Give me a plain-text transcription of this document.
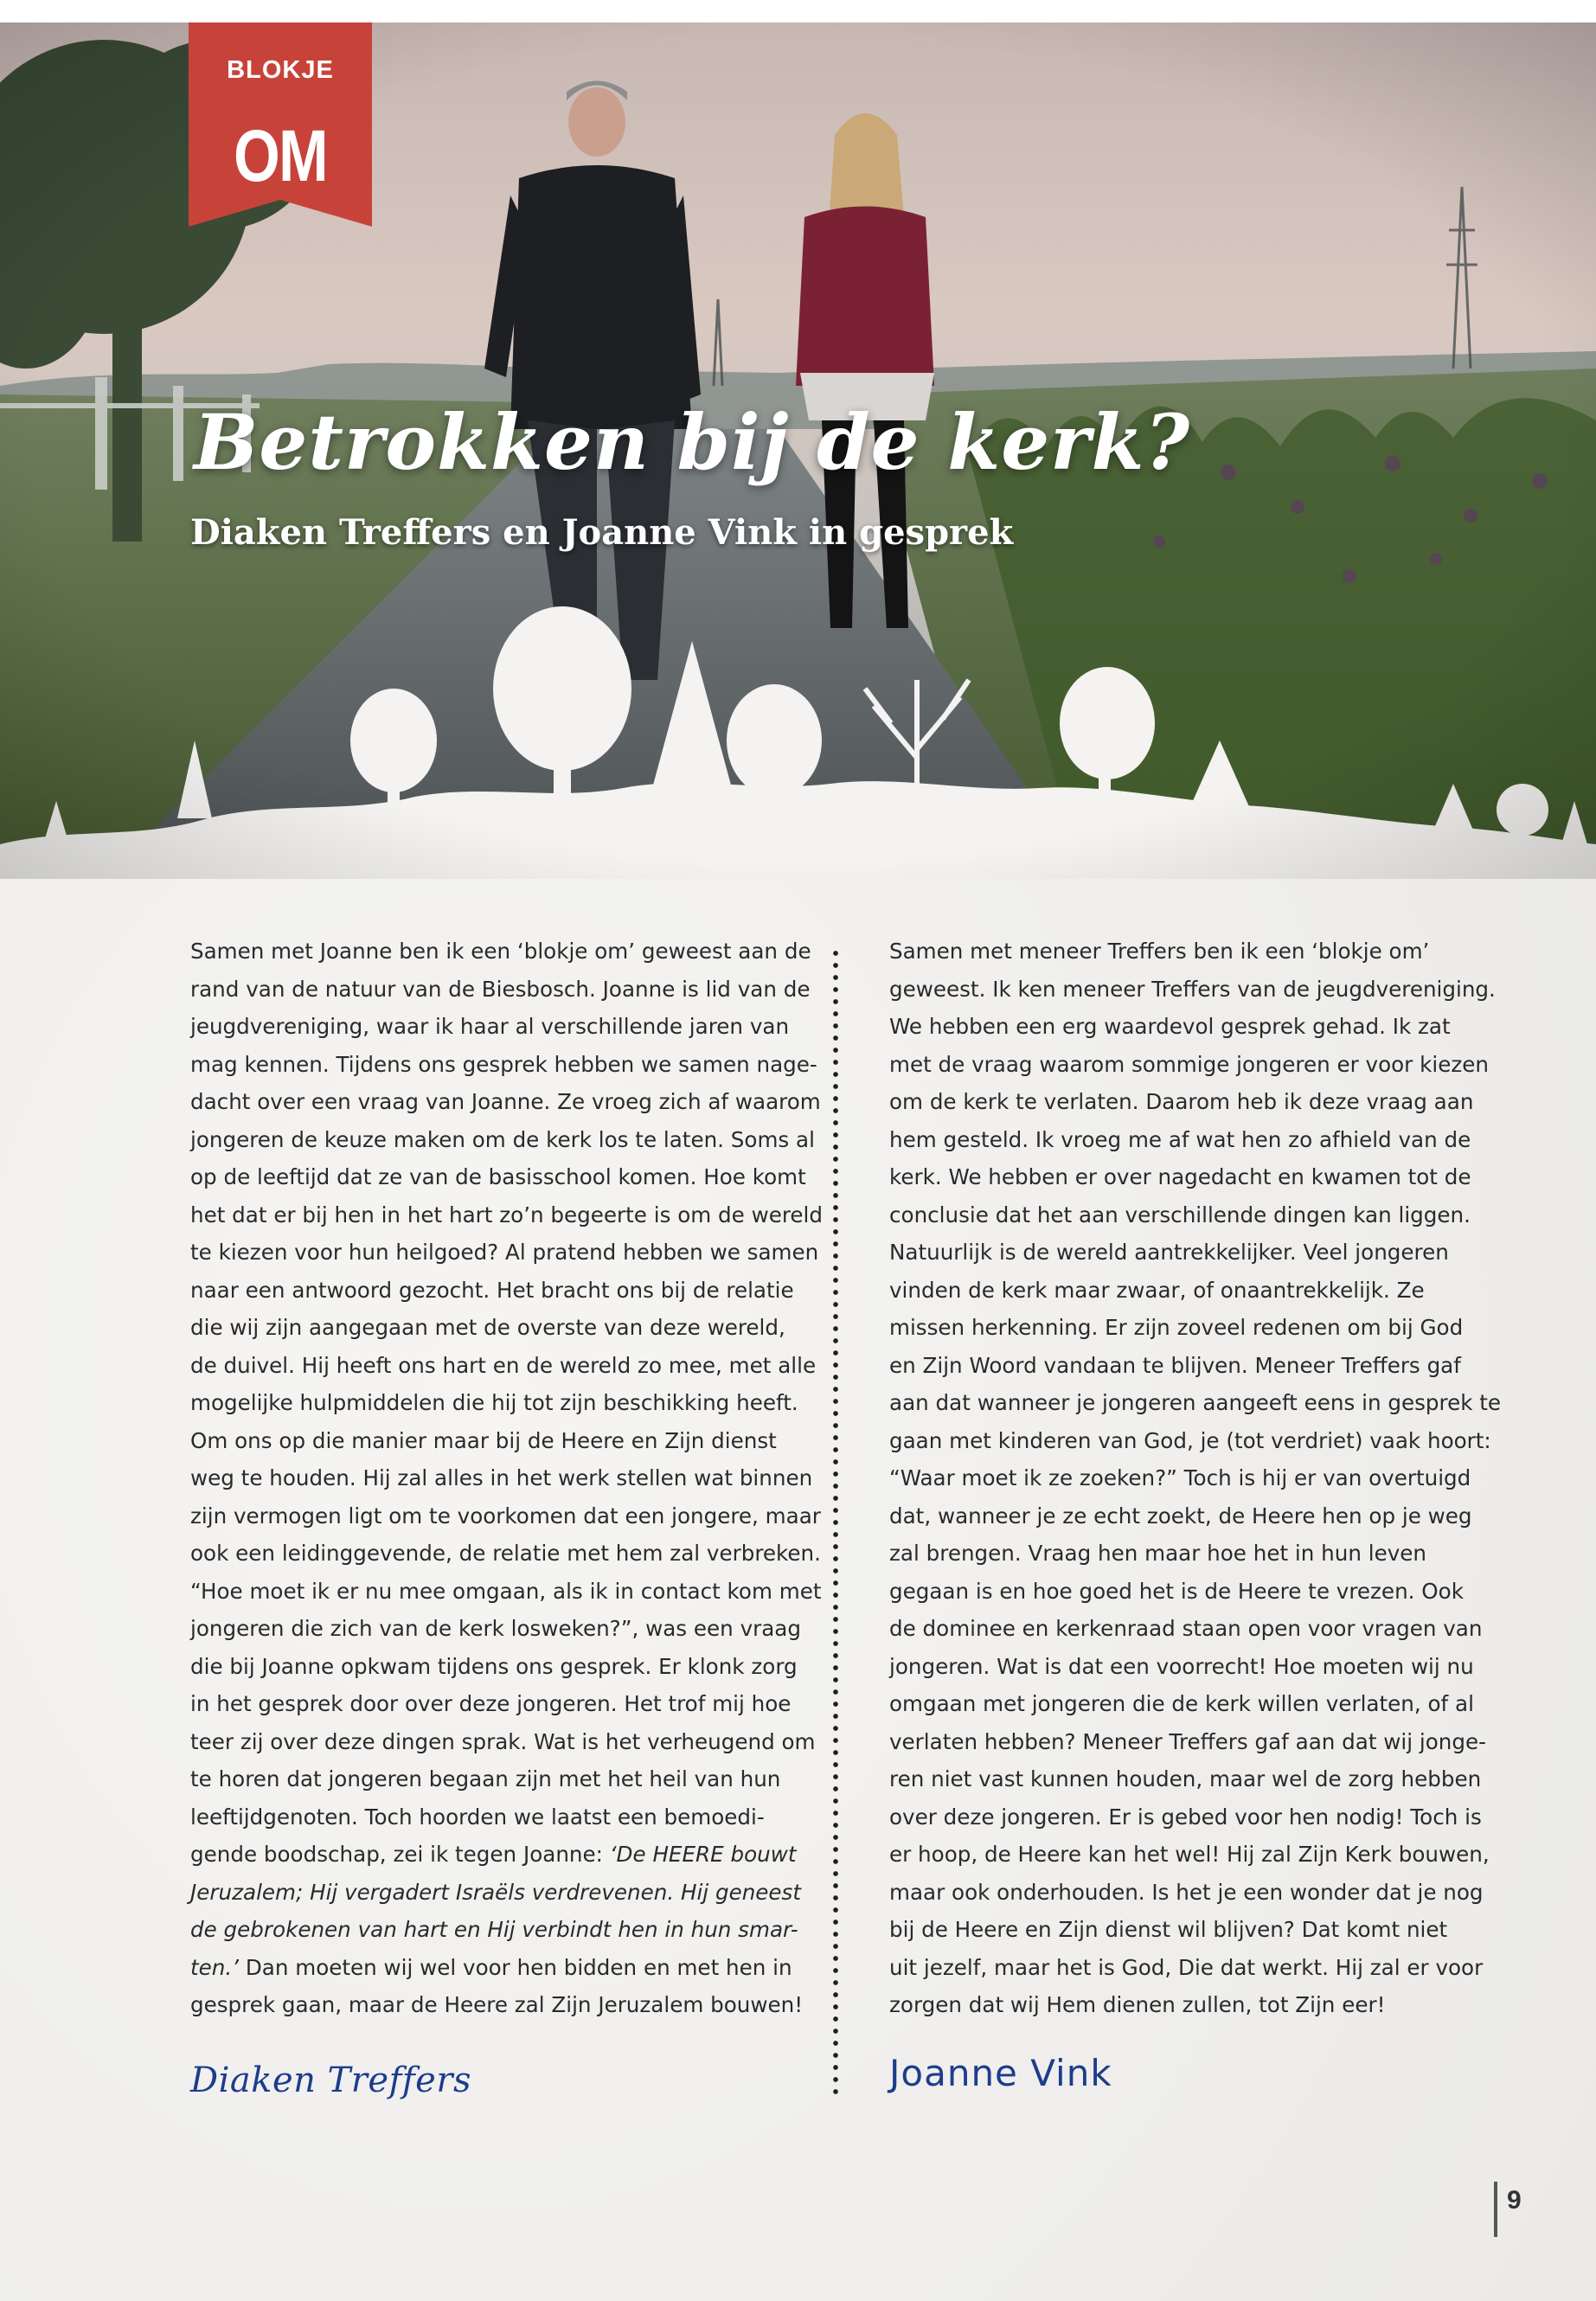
BLOKJE
OM
Betrokken bij de kerk?
Diaken Treffers en Joanne Vink in gesprek
Samen met Joanne ben ik een ‘blokje om’ geweest aan de
rand van de natuur van de Biesbosch. Joanne is lid van de
jeugdvereniging, waar ik haar al verschillende jaren van
mag kennen. Tijdens ons gesprek hebben we samen nage-
dacht over een vraag van Joanne. Ze vroeg zich af waarom
jongeren de keuze maken om de kerk los te laten. Soms al
op de leeftijd dat ze van de basisschool komen. Hoe komt
het dat er bij hen in het hart zo’n begeerte is om de wereld
te kiezen voor hun heilgoed? Al pratend hebben we samen
naar een antwoord gezocht. Het bracht ons bij de relatie
die wij zijn aangegaan met de overste van deze wereld,
de duivel. Hij heeft ons hart en de wereld zo mee, met alle
mogelijke hulpmiddelen die hij tot zijn beschikking heeft.
Om ons op die manier maar bij de Heere en Zijn dienst
weg te houden. Hij zal alles in het werk stellen wat binnen
zijn vermogen ligt om te voorkomen dat een jongere, maar
ook een leidinggevende, de relatie met hem zal verbreken.
“Hoe moet ik er nu mee omgaan, als ik in contact kom met
jongeren die zich van de kerk losweken?”, was een vraag
die bij Joanne opkwam tijdens ons gesprek. Er klonk zorg
in het gesprek door over deze jongeren. Het trof mij hoe
teer zij over deze dingen sprak. Wat is het verheugend om
te horen dat jongeren begaan zijn met het heil van hun
leeftijdgenoten. Toch hoorden we laatst een bemoedi-
gende boodschap, zei ik tegen Joanne: ‘De HEERE bouwt
Jeruzalem; Hij vergadert Israëls verdrevenen. Hij geneest
de gebrokenen van hart en Hij verbindt hen in hun smar-
ten.’ Dan moeten wij wel voor hen bidden en met hen in
gesprek gaan, maar de Heere zal Zijn Jeruzalem bouwen!
Samen met meneer Treffers ben ik een ‘blokje om’
geweest. Ik ken meneer Treffers van de jeugdvereniging.
We hebben een erg waardevol gesprek gehad. Ik zat
met de vraag waarom sommige jongeren er voor kiezen
om de kerk te verlaten. Daarom heb ik deze vraag aan
hem gesteld. Ik vroeg me af wat hen zo afhield van de
kerk. We hebben er over nagedacht en kwamen tot de
conclusie dat het aan verschillende dingen kan liggen.
Natuurlijk is de wereld aantrekkelijker. Veel jongeren
vinden de kerk maar zwaar, of onaantrekkelijk. Ze
missen herkenning. Er zijn zoveel redenen om bij God
en Zijn Woord vandaan te blijven. Meneer Treffers gaf
aan dat wanneer je jongeren aangeeft eens in gesprek te
gaan met kinderen van God, je (tot verdriet) vaak hoort:
“Waar moet ik ze zoeken?” Toch is hij er van overtuigd
dat, wanneer je ze echt zoekt, de Heere hen op je weg
zal brengen. Vraag hen maar hoe het in hun leven
gegaan is en hoe goed het is de Heere te vrezen. Ook
de dominee en kerkenraad staan open voor vragen van
jongeren. Wat is dat een voorrecht! Hoe moeten wij nu
omgaan met jongeren die de kerk willen verlaten, of al
verlaten hebben? Meneer Treffers gaf aan dat wij jonge-
ren niet vast kunnen houden, maar wel de zorg hebben
over deze jongeren. Er is gebed voor hen nodig! Toch is
er hoop, de Heere kan het wel! Hij zal Zijn Kerk bouwen,
maar ook onderhouden. Is het je een wonder dat je nog
bij de Heere en Zijn dienst wil blijven? Dat komt niet
uit jezelf, maar het is God, Die dat werkt. Hij zal er voor
zorgen dat wij Hem dienen zullen, tot Zijn eer!
Diaken Treffers	Joanne Vink
9
